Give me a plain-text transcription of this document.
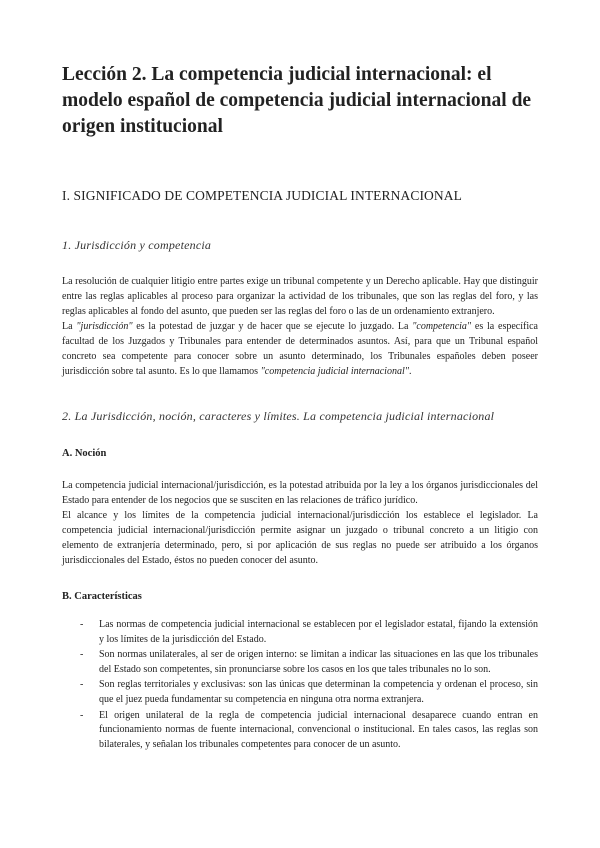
Lección 2. La competencia judicial internacional: el modelo español de competencia judicial internacional de origen institucional
I. SIGNIFICADO DE COMPETENCIA JUDICIAL INTERNACIONAL
1. Jurisdicción y competencia

La resolución de cualquier litigio entre partes exige un tribunal competente y un Derecho aplicable. Hay que distinguir entre las reglas aplicables al proceso para organizar la actividad de los tribunales, que son las reglas del foro, y las reglas aplicables al fondo del asunto, que pueden ser las reglas del foro o las de un ordenamiento extranjero.

La "jurisdicción" es la potestad de juzgar y de hacer que se ejecute lo juzgado. La "competencia" es la específica facultad de los Juzgados y Tribunales para entender de determinados asuntos. Así, para que un Tribunal español concreto sea competente para conocer sobre un asunto determinado, los Tribunales españoles deben poseer jurisdicción sobre tal asunto. Es lo que llamamos "competencia judicial internacional".

2. La Jurisdicción, noción, caracteres y límites. La competencia judicial internacional
A. Noción

La competencia judicial internacional/jurisdicción, es la potestad atribuida por la ley a los órganos jurisdiccionales del Estado para entender de los negocios que se susciten en las relaciones de tráfico jurídico.

El alcance y los límites de la competencia judicial internacional/jurisdicción los establece el legislador. La competencia judicial internacional/jurisdicción permite asignar un juzgado o tribunal concreto a un litigio con elemento de extranjería determinado, pero, si por aplicación de sus reglas no puede ser atribuido a los órganos jurisdiccionales del Estado, éstos no pueden conocer del asunto.

B. Características
- Las normas de competencia judicial internacional se establecen por el legislador estatal, fijando la extensión y los límites de la jurisdicción del Estado.
- Son normas unilaterales, al ser de origen interno: se limitan a indicar las situaciones en las que los tribunales del Estado son competentes, sin pronunciarse sobre los casos en los que tales tribunales no lo son.
- Son reglas territoriales y exclusivas: son las únicas que determinan la competencia y ordenan el proceso, sin que el juez pueda fundamentar su competencia en ninguna otra norma extranjera.
- El origen unilateral de la regla de competencia judicial internacional desaparece cuando entran en funcionamiento normas de fuente internacional, convencional o institucional. En tales casos, las reglas son bilaterales, y señalan los tribunales competentes para conocer de un asunto.
